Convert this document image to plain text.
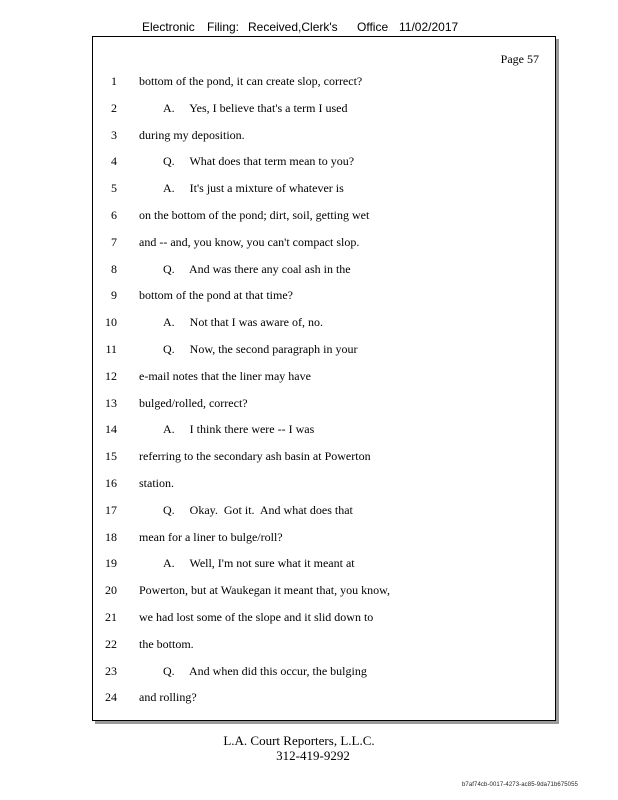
Electronic Filing: Received,Clerk's Office 11/02/2017
Page 57
1 bottom of the pond, it can create slop, correct?
2	A.     Yes, I believe that's a term I used
3 during my deposition.
4	Q.     What does that term mean to you?
5	A.     It's just a mixture of whatever is
6 on the bottom of the pond; dirt, soil, getting wet
7 and -- and, you know, you can't compact slop.
8	Q.     And was there any coal ash in the
9 bottom of the pond at that time?
10	A.     Not that I was aware of, no.
11	Q.     Now, the second paragraph in your
12 e-mail notes that the liner may have
13 bulged/rolled, correct?
14	A.     I think there were -- I was
15 referring to the secondary ash basin at Powerton
16 station.
17	Q.     Okay.  Got it.  And what does that
18 mean for a liner to bulge/roll?
19	A.     Well, I'm not sure what it meant at
20 Powerton, but at Waukegan it meant that, you know,
21 we had lost some of the slope and it slid down to
22 the bottom.
23	Q.     And when did this occur, the bulging
24 and rolling?
L.A. Court Reporters, L.L.C.
312-419-9292
b7af74cb-0017-4273-ac85-9da71b675055
